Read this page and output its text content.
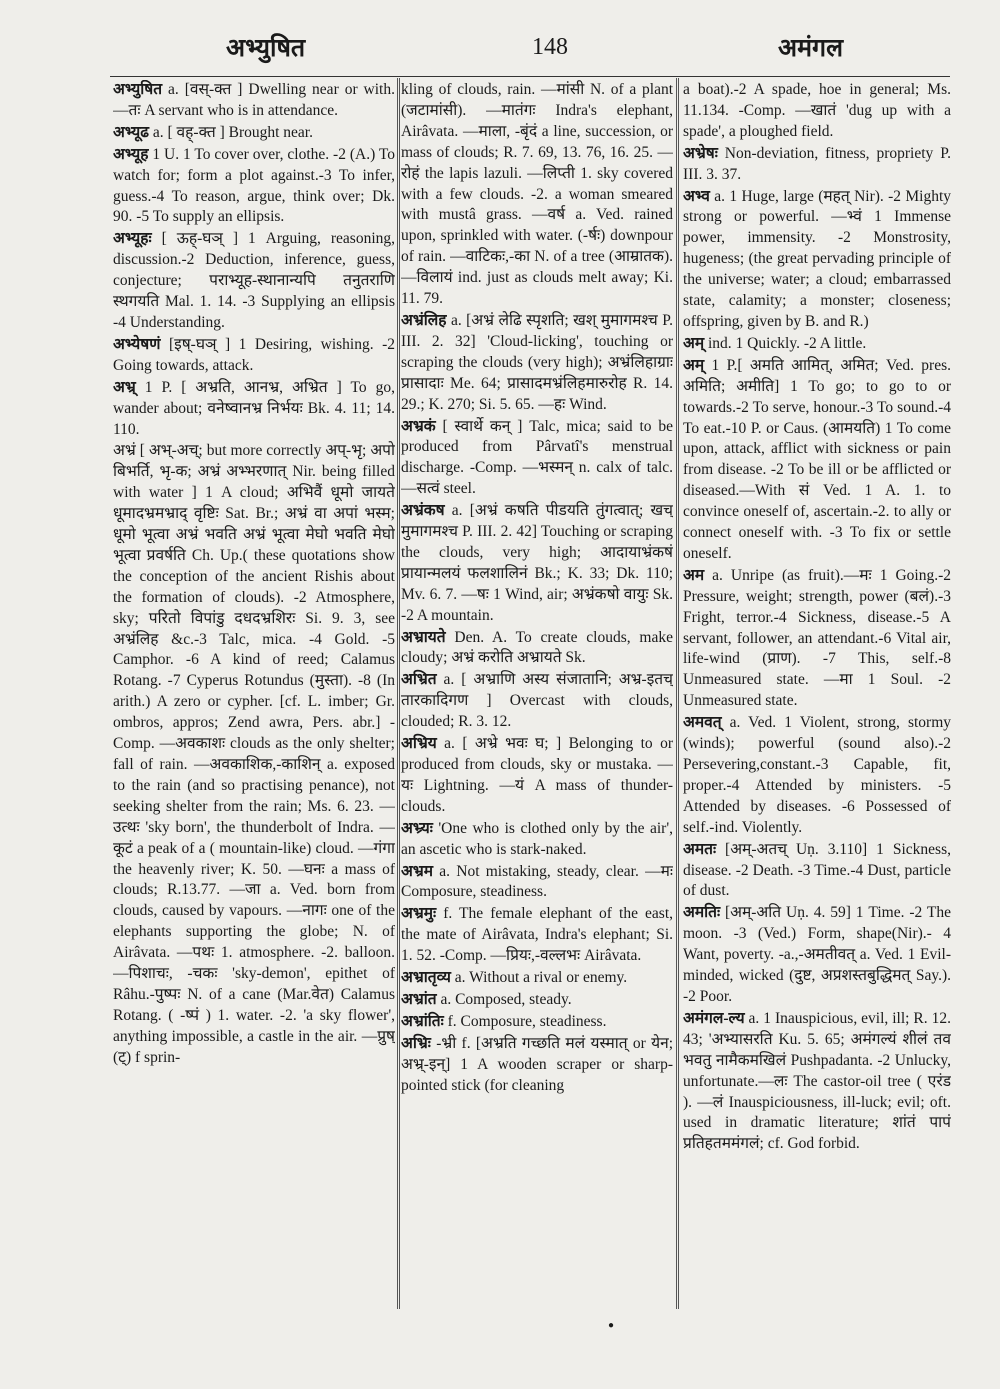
अभ्युषित	148	अमंगल

अभ्युषित a. [वस्-क्त ] Dwelling near or with. —तः A servant who is in attendance.

अभ्यूढ a. [ वह्-क्त ] Brought near.

अभ्यूह 1 U. 1 To cover over, clothe. -2 (A.) To watch for; form a plot against.-3 To infer, guess.-4 To reason, argue, think over; Dk. 90. -5 To supply an ellipsis.

अभ्यूहः [ ऊह्-घञ् ] 1 Arguing, reasoning, discussion.-2 Deduction, inference, guess, conjecture; पराभ्यूह-स्थानान्यपि तनुतराणि स्थगयति Mal. 1. 14. -3 Supplying an ellipsis -4 Understanding.

अभ्येषणं [इष्-घञ् ] 1 Desiring, wishing. -2 Going towards, attack.

अभ्र् 1 P. [ अभ्रति, आनभ्र, अभ्रित ] To go, wander about; वनेष्वानभ्र निर्भयः Bk. 4. 11; 14. 110.

अभ्रं [ अभ्-अच्; but more correctly अप्-भृ; अपो बिभर्ति, भृ-क; अभ्रं अभ्भरणात् Nir. being filled with water ] 1 A cloud; अभिवैं धूमो जायते धूमादभ्रमभ्राद् वृष्टिः Sat. Br.; अभ्रं वा अपां भस्म; धूमो भूत्वा अभ्रं भवति अभ्रं भूत्वा मेघो भवति मेघो भूत्वा प्रवर्षति Ch. Up.( these quotations show the conception of the ancient Rishis about the formation of clouds). -2 Atmosphere, sky; परितो विपांडु दधदभ्रशिरः Si. 9. 3, see अभ्रंलिह &c.-3 Talc, mica. -4 Gold. -5 Camphor. -6 A kind of reed; Calamus Rotang. -7 Cyperus Rotundus (मुस्ता). -8 (In arith.) A zero or cypher. [cf. L. imber; Gr. ombros, appros; Zend awra, Pers. abr.] -Comp. —अवकाशः clouds as the only shelter; fall of rain. —अवकाशिक,-काशिन् a. exposed to the rain (and so practising penance), not seeking shelter from the rain; Ms. 6. 23. —उत्थः 'sky born', the thunderbolt of Indra. —कूटं a peak of a ( mountain-like) cloud. —गंगा the heavenly river; K. 50. —घनः a mass of clouds; R.13.77. —जा a. Ved. born from clouds, caused by vapours. —नागः one of the elephants supporting the globe; N. of Airâvata. —पथः 1. atmosphere. -2. balloon. —पिशाचः, -चकः 'sky-demon', epithet of Râhu.-पुष्पः N. of a cane (Mar.वेत) Calamus Rotang. ( -ष्पं ) 1. water. -2. 'a sky flower', anything impossible, a castle in the air. —प्रुष् (ट्) f sprin-

kling of clouds, rain. —मांसी N. of a plant (जटामांसी). —मातंगः Indra's elephant, Airâvata. —माला, -बृंदं a line, succession, or mass of clouds; R. 7. 69, 13. 76, 16. 25. —रोहं the lapis lazuli. —लिप्ती 1. sky covered with a few clouds. -2. a woman smeared with mustâ grass. —वर्ष a. Ved. rained upon, sprinkled with water. (-र्षः) downpour of rain. —वाटिकः,-का N. of a tree (आम्रातक). —विलायं ind. just as clouds melt away; Ki. 11. 79.

अभ्रंलिह a. [अभ्रं लेढि स्पृशति; खश् मुमागमश्च P. III. 2. 32] 'Cloud-licking', touching or scraping the clouds (very high); अभ्रंलिहाग्राः प्रासादाः Me. 64; प्रासादमभ्रंलिहमारुरोह R. 14. 29.; K. 270; Si. 5. 65. —हः Wind.

अभ्रकं [ स्वार्थे कन् ] Talc, mica; said to be produced from Pârvatî's menstrual discharge. -Comp. —भस्मन् n. calx of talc. —सत्वं steel.

अभ्रंकष a. [अभ्रं कषति पीडयति तुंगत्वात्; खच् मुमागमश्च P. III. 2. 42] Touching or scraping the clouds, very high; आदायाभ्रंकषं प्रायान्मलयं फलशालिनं Bk.; K. 33; Dk. 110; Mv. 6. 7. —षः 1 Wind, air; अभ्रंकषो वायुः Sk. -2 A mountain.

अभ्रायते Den. A. To create clouds, make cloudy; अभ्रं करोति अभ्रायते Sk.

अभ्रित a. [ अभ्राणि अस्य संजातानि; अभ्र-इतच् तारकादिगण ] Overcast with clouds, clouded; R. 3. 12.

अभ्रिय a. [ अभ्रे भवः घ; ] Belonging to or produced from clouds, sky or mustaka. —यः Lightning. —यं A mass of thunder-clouds.

अभ्र्यः 'One who is clothed only by the air', an ascetic who is stark-naked.

अभ्रम a. Not mistaking, steady, clear. —मः Composure, steadiness.

अभ्रमुः f. The female elephant of the east, the mate of Airâvata, Indra's elephant; Si. 1. 52. -Comp. —प्रियः,-वल्लभः Airâvata.

अभ्रातृव्य a. Without a rival or enemy.

अभ्रांत a. Composed, steady.

अभ्रांतिः f. Composure, steadiness.

अभ्रिः -भ्री f. [अभ्रति गच्छति मलं यस्मात् or येन; अभ्र्-इन्] 1 A wooden scraper or sharp-pointed stick (for cleaning

a boat).-2 A spade, hoe in general; Ms. 11.134. -Comp. —खातं 'dug up with a spade', a ploughed field.

अभ्रेषः Non-deviation, fitness, propriety P. III. 3. 37.

अभ्व a. 1 Huge, large (महत् Nir). -2 Mighty strong or powerful. —भ्वं 1 Immense power, immensity. -2 Monstrosity, hugeness; (the great pervading principle of the universe; water; a cloud; embarrassed state, calamity; a monster; closeness; offspring, given by B. and R.)

अम् ind. 1 Quickly. -2 A little.

अम् 1 P.[ अमति आमित्, अमित; Ved. pres. अमिति; अमीति] 1 To go; to go to or towards.-2 To serve, honour.-3 To sound.-4 To eat.-10 P. or Caus. (आमयति) 1 To come upon, attack, afflict with sickness or pain from disease. -2 To be ill or be afflicted or diseased.—With सं Ved. 1 A. 1. to convince oneself of, ascertain.-2. to ally or connect oneself with. -3 To fix or settle oneself.

अम a. Unripe (as fruit).—मः 1 Going.-2 Pressure, weight; strength, power (बलं).-3 Fright, terror.-4 Sickness, disease.-5 A servant, follower, an attendant.-6 Vital air, life-wind (प्राण). -7 This, self.-8 Unmeasured state. —मा 1 Soul. -2 Unmeasured state.

अमवत् a. Ved. 1 Violent, strong, stormy (winds); powerful (sound also).-2 Persevering,constant.-3 Capable, fit, proper.-4 Attended by ministers. -5 Attended by diseases. -6 Possessed of self.-ind. Violently.

अमतः [अम्-अतच् Uṇ. 3.110] 1 Sickness, disease. -2 Death. -3 Time.-4 Dust, particle of dust.

अमतिः [अम्-अति Uṇ. 4. 59] 1 Time. -2 The moon. -3 (Ved.) Form, shape(Nir).- 4 Want, poverty. -a.,-अमतीवत् a. Ved. 1 Evil-minded, wicked (दुष्ट, अप्रशस्तबुद्धिमत् Say.). -2 Poor.

अमंगल-ल्य a. 1 Inauspicious, evil, ill; R. 12. 43; 'अभ्यासरति Ku. 5. 65; अमंगल्यं शीलं तव भवतु नामैकमखिलं Pushpadanta. -2 Unlucky, unfortunate.—लः The castor-oil tree ( एरंड ). —लं Inauspiciousness, ill-luck; evil; oft. used in dramatic literature; शांतं पापं प्रतिहतममंगलं; cf. God forbid.

●
